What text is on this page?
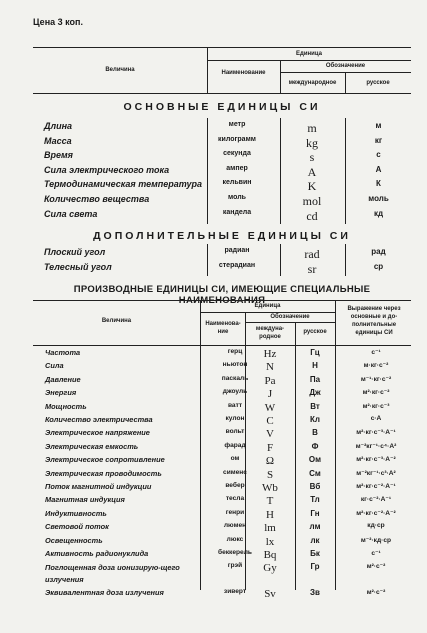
Цена 3 коп.
Величина
Единица
Наименование
Обозначение
международное	русское
ОСНОВНЫЕ ЕДИНИЦЫ СИ
Длина	метр	m	м
Масса	килограмм	kg	кг
Время	секунда	s	с
Сила электрического тока	ампер	A	А
Термодинамическая температура	кельвин	K	К
Количество вещества	моль	mol	моль
Сила света	кандела	cd	кд
ДОПОЛНИТЕЛЬНЫЕ ЕДИНИЦЫ СИ
Плоский угол	радиан	rad	рад
Телесный угол	стерадиан	sr	ср
ПРОИЗВОДНЫЕ ЕДИНИЦЫ СИ, ИМЕЮЩИЕ СПЕЦИАЛЬНЫЕ НАИМЕНОВАНИЯ
Величина
Единица
Наименова-ние
Обозначение
междуна-родное
русское
Выражение через основные и до-полнительные единицы СИ
Частота	герц	Hz	Гц	с⁻¹
Сила	ньютон	N	Н	м·кг·с⁻²
Давление	паскаль	Pa	Па	м⁻¹·кг·с⁻²
Энергия	джоуль	J	Дж	м²·кг·с⁻²
Мощность	ватт	W	Вт	м²·кг·с⁻³
Количество электричества	кулон	C	Кл	с·А
Электрическое напряжение	вольт	V	В	м²·кг·с⁻³·А⁻¹
Электрическая емкость	фарад	F	Ф	м⁻²кг⁻¹·с⁴·А²
Электрическое сопротивление	ом	Ω	Ом	м²·кг·с⁻³·А⁻²
Электрическая проводимость	сименс	S	См	м⁻²кг⁻¹·с³·А²
Поток магнитной индукции	вебер	Wb	Вб	м²·кг·с⁻²·А⁻¹
Магнитная индукция	тесла	T	Тл	кг·с⁻²·А⁻¹
Индуктивность	генри	H	Гн	м²·кг·с⁻²·А⁻²
Световой поток	люмен	lm	лм	кд·ср
Освещенность	люкс	lx	лк	м⁻²·кд·ср
Активность радионуклида	беккерель	Bq	Бк	с⁻¹
Поглощенная доза ионизирую-щего излучения
грэй	Gy	Гр	м²·с⁻²
Эквивалентная доза излучения	зиверт	Sv	Зв	м²·с⁻²
